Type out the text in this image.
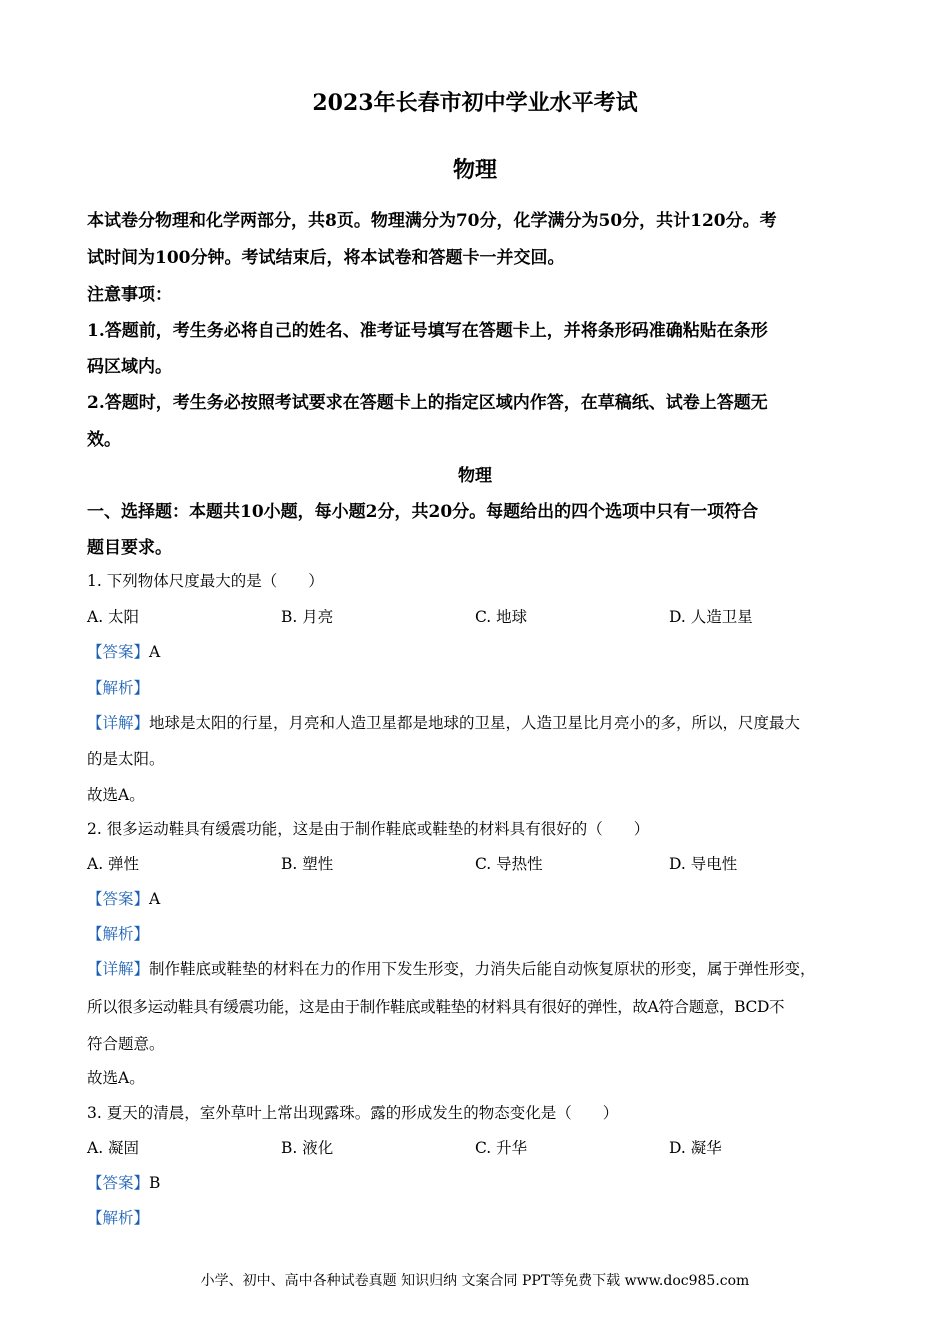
2023年长春市初中学业水平考试
物理
本试卷分物理和化学两部分，共8页。物理满分为70分，化学满分为50分，共计120分。考
试时间为100分钟。考试结束后，将本试卷和答题卡一并交回。
注意事项：
1.答题前，考生务必将自己的姓名、准考证号填写在答题卡上，并将条形码准确粘贴在条形
码区域内。
2.答题时，考生务必按照考试要求在答题卡上的指定区域内作答，在草稿纸、试卷上答题无
效。
物理
一、选择题：本题共10小题，每小题2分，共20分。每题给出的四个选项中只有一项符合
题目要求。
1. 下列物体尺度最大的是（　　）
A. 太阳	B. 月亮	C. 地球	D. 人造卫星
【答案】A
【解析】
【详解】地球是太阳的行星，月亮和人造卫星都是地球的卫星，人造卫星比月亮小的多，所以，尺度最大
的是太阳。
故选A。
2. 很多运动鞋具有缓震功能，这是由于制作鞋底或鞋垫的材料具有很好的（　　）
A. 弹性	B. 塑性	C. 导热性	D. 导电性
【答案】A
【解析】
【详解】制作鞋底或鞋垫的材料在力的作用下发生形变，力消失后能自动恢复原状的形变，属于弹性形变，
所以很多运动鞋具有缓震功能，这是由于制作鞋底或鞋垫的材料具有很好的弹性，故A符合题意，BCD不
符合题意。
故选A。
3. 夏天的清晨，室外草叶上常出现露珠。露的形成发生的物态变化是（　　）
A. 凝固	B. 液化	C. 升华	D. 凝华
【答案】B
【解析】
小学、初中、高中各种试卷真题 知识归纳 文案合同 PPT等免费下载 www.doc985.com
